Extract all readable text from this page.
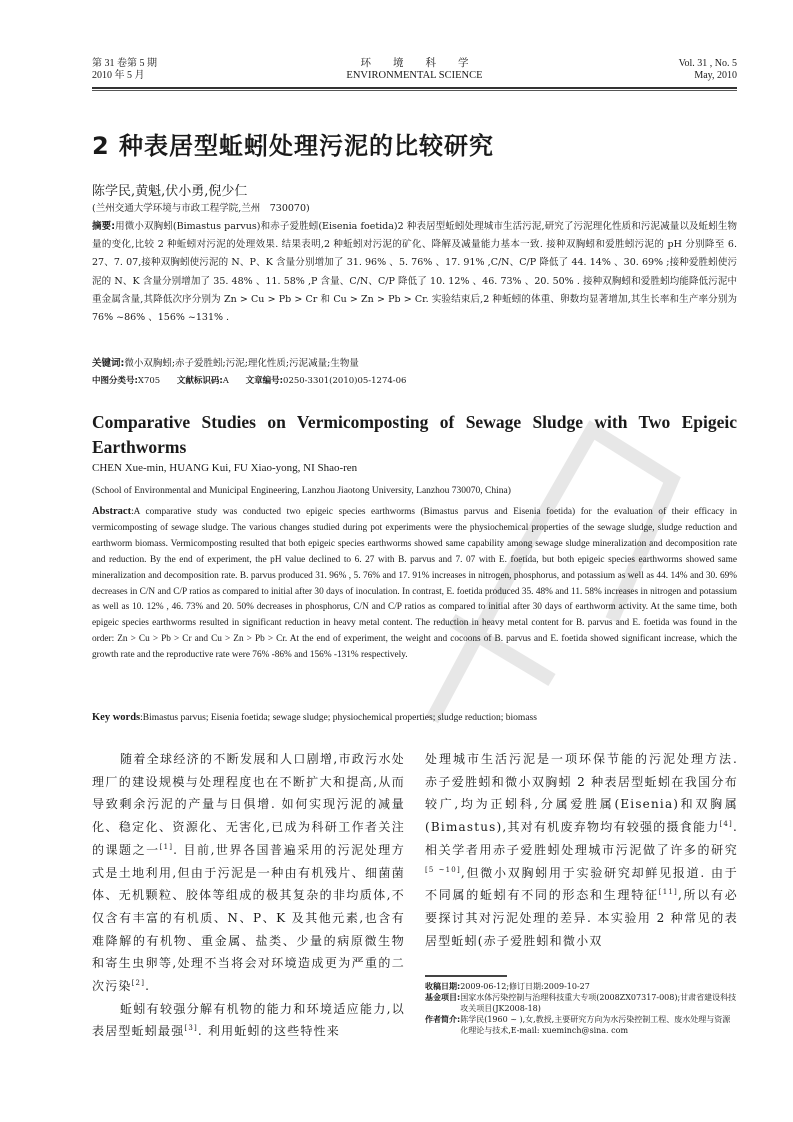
第 31 卷第 5 期
2010 年 5 月
环境科学
ENVIRONMENTAL SCIENCE
Vol. 31 , No. 5
May, 2010
2 种表居型蚯蚓处理污泥的比较研究
陈学民,黄魁,伏小勇,倪少仁
(兰州交通大学环境与市政工程学院,兰州　730070)
摘要:用微小双胸蚓(Bimastus parvus)和赤子爱胜蚓(Eisenia foetida)2 种表居型蚯蚓处理城市生活污泥,研究了污泥理化性质和污泥减量以及蚯蚓生物量的变化,比较 2 种蚯蚓对污泥的处理效果. 结果表明,2 种蚯蚓对污泥的矿化、降解及减量能力基本一致. 接种双胸蚓和爱胜蚓污泥的 pH 分别降至 6. 27、7. 07,接种双胸蚓使污泥的 N、P、K 含量分别增加了 31. 96% 、5. 76% 、17. 91% ,C/N、C/P 降低了 44. 14% 、30. 69% ;接种爱胜蚓使污泥的 N、K 含量分别增加了 35. 48% 、11. 58% ,P 含量、C/N、C/P 降低了 10. 12% 、46. 73% 、20. 50% . 接种双胸蚓和爱胜蚓均能降低污泥中重金属含量,其降低次序分别为 Zn > Cu > Pb > Cr 和 Cu > Zn > Pb > Cr. 实验结束后,2 种蚯蚓的体重、卵数均显著增加,其生长率和生产率分别为 76% ~86% 、156% ~131% .
关键词:微小双胸蚓;赤子爱胜蚓;污泥;理化性质;污泥减量;生物量
中图分类号:X705 文献标识码:A 文章编号:0250-3301(2010)05-1274-06
Comparative Studies on Vermicomposting of Sewage Sludge with Two Epigeic Earthworms
CHEN Xue-min, HUANG Kui, FU Xiao-yong, NI Shao-ren
(School of Environmental and Municipal Engineering, Lanzhou Jiaotong University, Lanzhou 730070, China)
Abstract:A comparative study was conducted two epigeic species earthworms (Bimastus parvus and Eisenia foetida) for the evaluation of their efficacy in vermicomposting of sewage sludge. The various changes studied during pot experiments were the physiochemical properties of the sewage sludge, sludge reduction and earthworm biomass. Vermicomposting resulted that both epigeic species earthworms showed same capability among sewage sludge mineralization and decomposition rate and reduction. By the end of experiment, the pH value declined to 6. 27 with B. parvus and 7. 07 with E. foetida, but both epigeic species earthworms showed same mineralization and decomposition rate. B. parvus produced 31. 96% , 5. 76% and 17. 91% increases in nitrogen, phosphorus, and potassium as well as 44. 14% and 30. 69% decreases in C/N and C/P ratios as compared to initial after 30 days of inoculation. In contrast, E. foetida produced 35. 48% and 11. 58% increases in nitrogen and potassium as well as 10. 12% , 46. 73% and 20. 50% decreases in phosphorus, C/N and C/P ratios as compared to initial after 30 days of earthworm activity. At the same time, both epigeic species earthworms resulted in significant reduction in heavy metal content. The reduction in heavy metal content for B. parvus and E. foetida was found in the order: Zn > Cu > Pb > Cr and Cu > Zn > Pb > Cr. At the end of experiment, the weight and cocoons of B. parvus and E. foetida showed significant increase, which the growth rate and the reproductive rate were 76% -86% and 156% -131% respectively.
Key words:Bimastus parvus; Eisenia foetida; sewage sludge; physiochemical properties; sludge reduction; biomass

随着全球经济的不断发展和人口剧增,市政污水处理厂的建设规模与处理程度也在不断扩大和提高,从而导致剩余污泥的产量与日俱增. 如何实现污泥的减量化、稳定化、资源化、无害化,已成为科研工作者关注的课题之一[1]. 目前,世界各国普遍采用的污泥处理方式是土地利用,但由于污泥是一种由有机残片、细菌菌体、无机颗粒、胶体等组成的极其复杂的非均质体,不仅含有丰富的有机质、N、P、K 及其他元素,也含有难降解的有机物、重金属、盐类、少量的病原微生物和寄生虫卵等,处理不当将会对环境造成更为严重的二次污染[2].

蚯蚓有较强分解有机物的能力和环境适应能力,以表居型蚯蚓最强[3]. 利用蚯蚓的这些特性来

处理城市生活污泥是一项环保节能的污泥处理方法. 赤子爱胜蚓和微小双胸蚓 2 种表居型蚯蚓在我国分布较广,均为正蚓科,分属爱胜属(Eisenia)和双胸属(Bimastus),其对有机废弃物均有较强的摄食能力[4]. 相关学者用赤子爱胜蚓处理城市污泥做了许多的研究[5 ~10],但微小双胸蚓用于实验研究却鲜见报道. 由于不同属的蚯蚓有不同的形态和生理特征[11],所以有必要探讨其对污泥处理的差异. 本实验用 2 种常见的表居型蚯蚓(赤子爱胜蚓和微小双

收稿日期: 2009-06-12;修订日期:2009-10-27
基金项目: 国家水体污染控制与治理科技重大专项(2008ZX07317-008);甘肃省建设科技攻关项目(JK2008-18)
作者简介: 陈学民(1960 ~ ),女,教授,主要研究方向为水污染控制工程、废水处理与资源化理论与技术,E-mail: xueminch@sina. com
